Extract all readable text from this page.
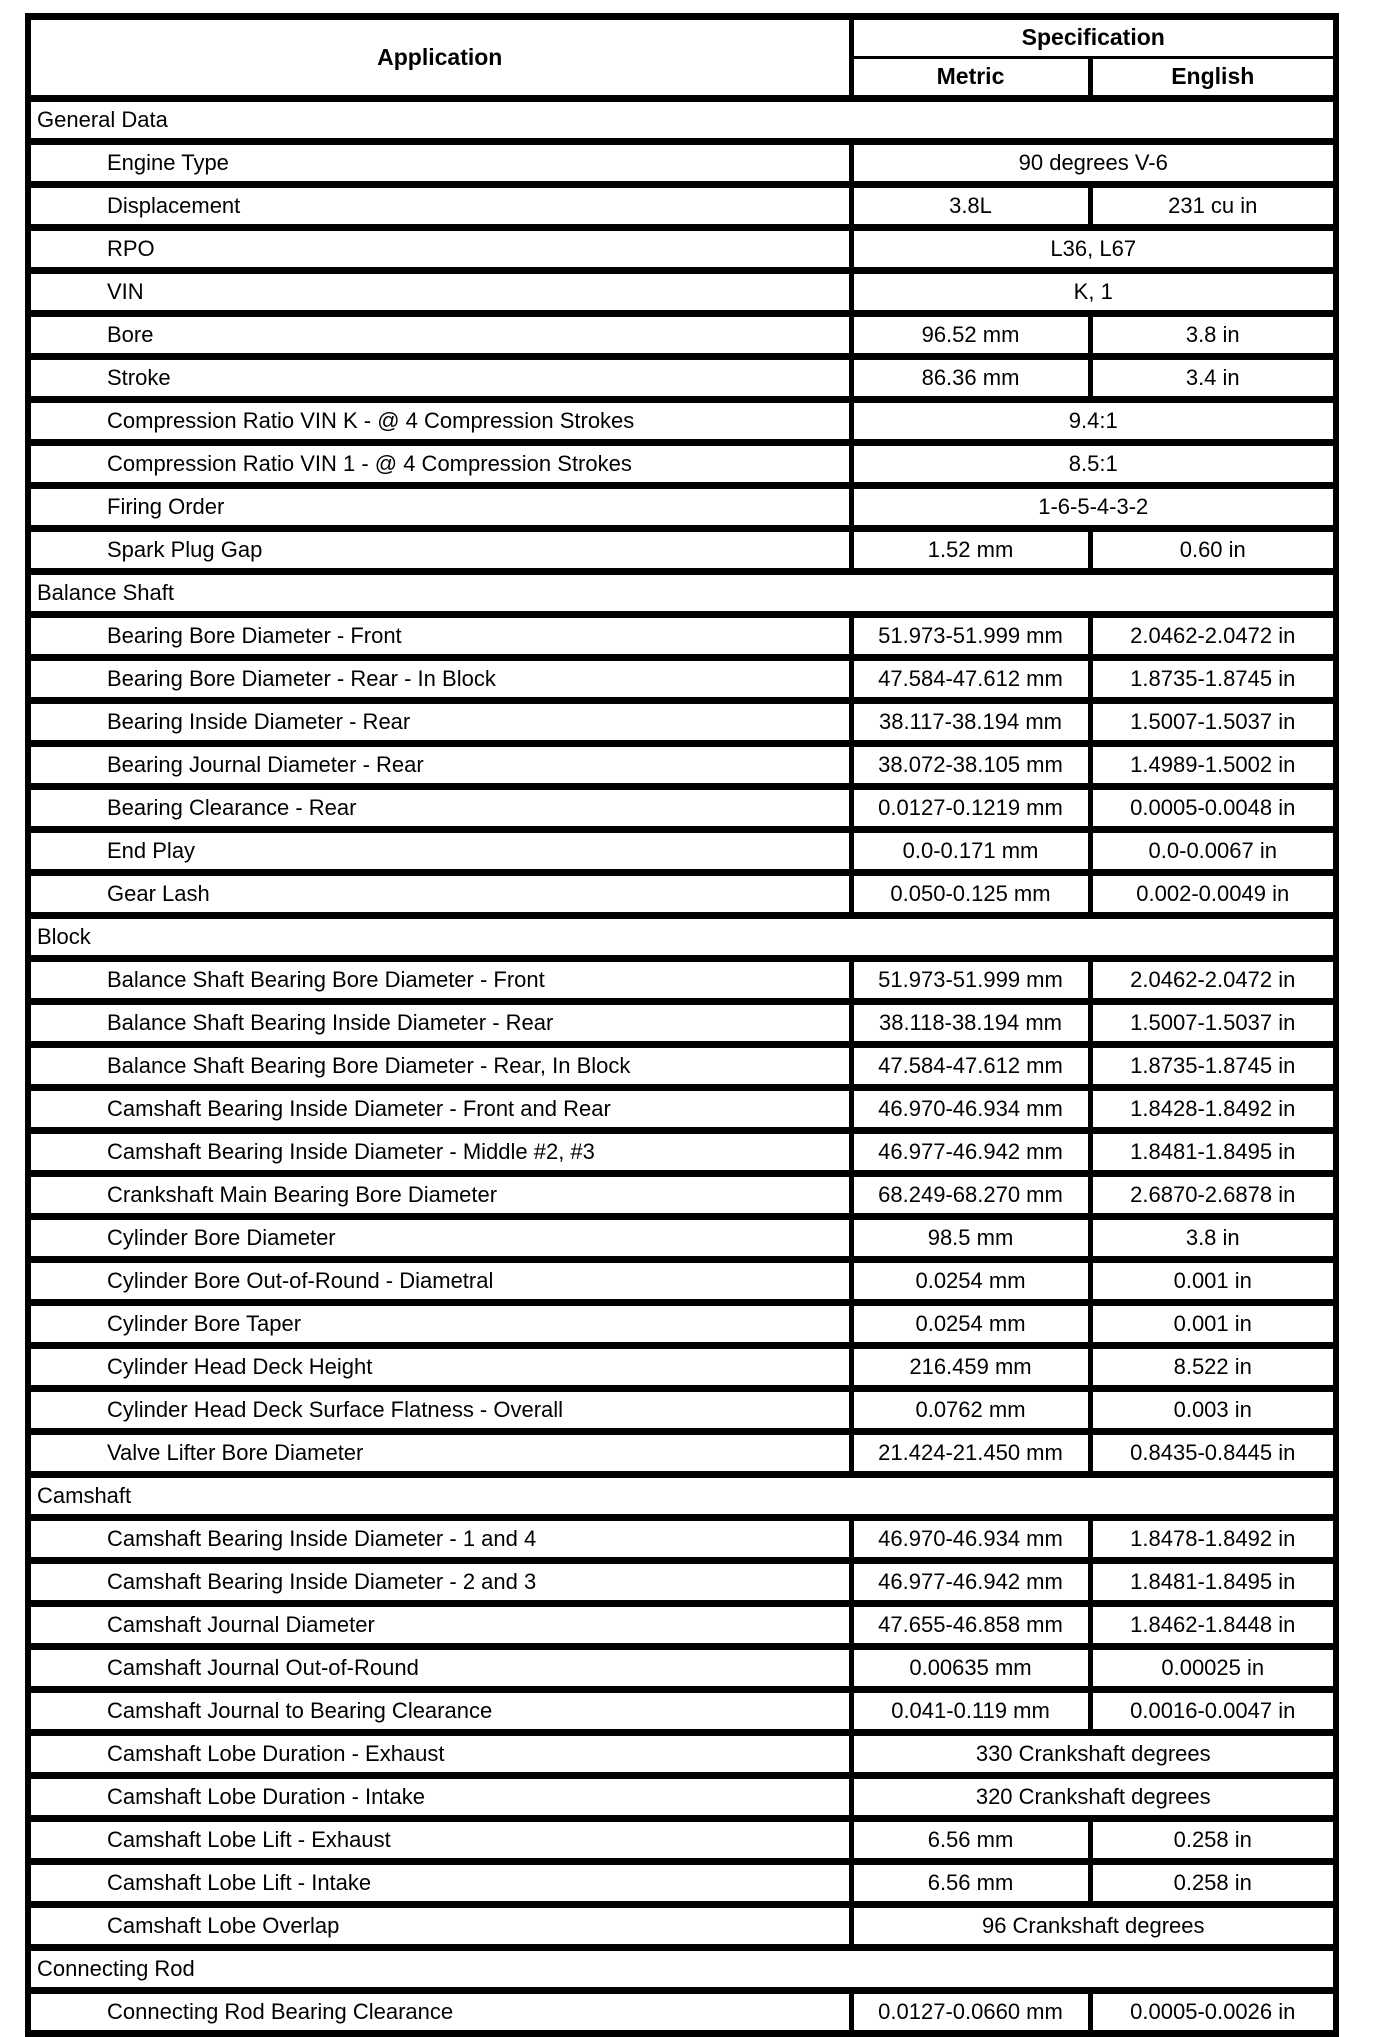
Application	Specification	
	Metric	English
General Data		
Engine Type	90 degrees V-6	
Displacement	3.8L	231 cu in
RPO	L36, L67	
VIN	K, 1	
Bore	96.52 mm	3.8 in
Stroke	86.36 mm	3.4 in
Compression Ratio VIN K - @ 4 Compression Strokes	9.4:1	
Compression Ratio VIN 1 - @ 4 Compression Strokes	8.5:1	
Firing Order	1-6-5-4-3-2	
Spark Plug Gap	1.52 mm	0.60 in
Balance Shaft		
Bearing Bore Diameter - Front	51.973-51.999 mm	2.0462-2.0472 in
Bearing Bore Diameter - Rear - In Block	47.584-47.612 mm	1.8735-1.8745 in
Bearing Inside Diameter - Rear	38.117-38.194 mm	1.5007-1.5037 in
Bearing Journal Diameter - Rear	38.072-38.105 mm	1.4989-1.5002 in
Bearing Clearance - Rear	0.0127-0.1219 mm	0.0005-0.0048 in
End Play	0.0-0.171 mm	0.0-0.0067 in
Gear Lash	0.050-0.125 mm	0.002-0.0049 in
Block		
Balance Shaft Bearing Bore Diameter - Front	51.973-51.999 mm	2.0462-2.0472 in
Balance Shaft Bearing Inside Diameter - Rear	38.118-38.194 mm	1.5007-1.5037 in
Balance Shaft Bearing Bore Diameter - Rear, In Block	47.584-47.612 mm	1.8735-1.8745 in
Camshaft Bearing Inside Diameter - Front and Rear	46.970-46.934 mm	1.8428-1.8492 in
Camshaft Bearing Inside Diameter - Middle #2, #3	46.977-46.942 mm	1.8481-1.8495 in
Crankshaft Main Bearing Bore Diameter	68.249-68.270 mm	2.6870-2.6878 in
Cylinder Bore Diameter	98.5 mm	3.8 in
Cylinder Bore Out-of-Round - Diametral	0.0254 mm	0.001 in
Cylinder Bore Taper	0.0254 mm	0.001 in
Cylinder Head Deck Height	216.459 mm	8.522 in
Cylinder Head Deck Surface Flatness - Overall	0.0762 mm	0.003 in
Valve Lifter Bore Diameter	21.424-21.450 mm	0.8435-0.8445 in
Camshaft		
Camshaft Bearing Inside Diameter - 1 and 4	46.970-46.934 mm	1.8478-1.8492 in
Camshaft Bearing Inside Diameter - 2 and 3	46.977-46.942 mm	1.8481-1.8495 in
Camshaft Journal Diameter	47.655-46.858 mm	1.8462-1.8448 in
Camshaft Journal Out-of-Round	0.00635 mm	0.00025 in
Camshaft Journal to Bearing Clearance	0.041-0.119 mm	0.0016-0.0047 in
Camshaft Lobe Duration - Exhaust	330 Crankshaft degrees	
Camshaft Lobe Duration - Intake	320 Crankshaft degrees	
Camshaft Lobe Lift - Exhaust	6.56 mm	0.258 in
Camshaft Lobe Lift - Intake	6.56 mm	0.258 in
Camshaft Lobe Overlap	96 Crankshaft degrees	
Connecting Rod		
Connecting Rod Bearing Clearance	0.0127-0.0660 mm	0.0005-0.0026 in
